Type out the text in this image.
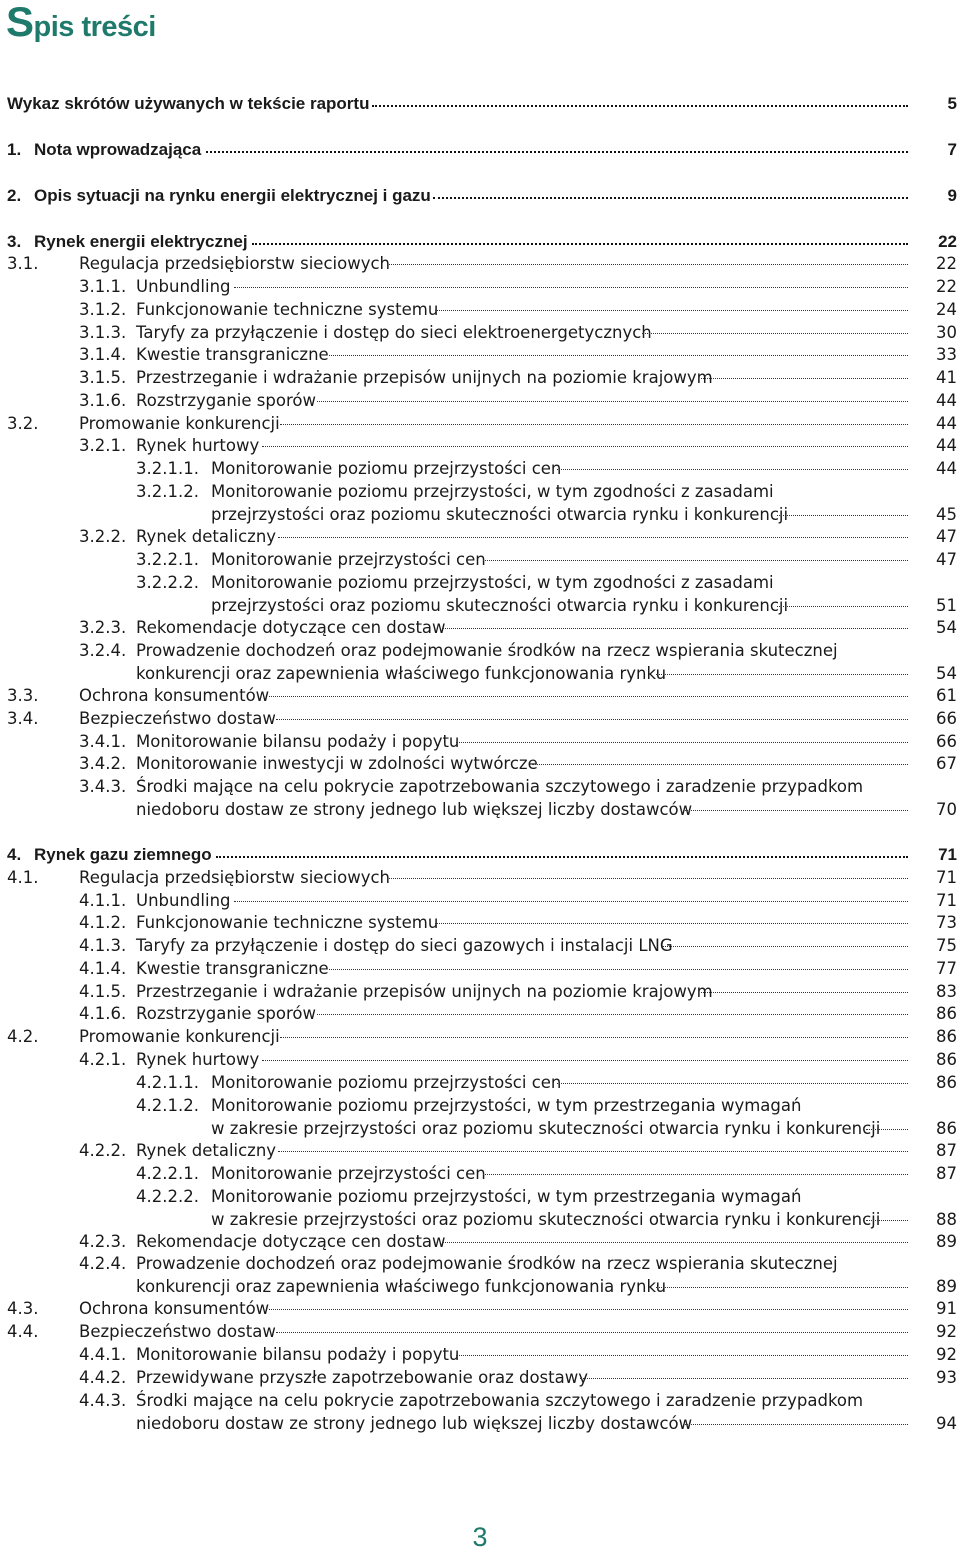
Spis treści
Wykaz skrótów używanych w tekście raportu	5
1. Nota wprowadzająca	7
2. Opis sytuacji na rynku energii elektrycznej i gazu	9
3. Rynek energii elektrycznej	22
3.1. Regulacja przedsiębiorstw sieciowych	22
3.1.1. Unbundling	22
3.1.2. Funkcjonowanie techniczne systemu	24
3.1.3. Taryfy za przyłączenie i dostęp do sieci elektroenergetycznych	30
3.1.4. Kwestie transgraniczne	33
3.1.5. Przestrzeganie i wdrażanie przepisów unijnych na poziomie krajowym	41
3.1.6. Rozstrzyganie sporów	44
3.2. Promowanie konkurencji	44
3.2.1. Rynek hurtowy	44
3.2.1.1. Monitorowanie poziomu przejrzystości cen	44
3.2.1.2. Monitorowanie poziomu przejrzystości, w tym zgodności z zasadami
przejrzystości oraz poziomu skuteczności otwarcia rynku i konkurencji	45
3.2.2. Rynek detaliczny	47
3.2.2.1. Monitorowanie przejrzystości cen	47
3.2.2.2. Monitorowanie poziomu przejrzystości, w tym zgodności z zasadami
przejrzystości oraz poziomu skuteczności otwarcia rynku i konkurencji	51
3.2.3. Rekomendacje dotyczące cen dostaw	54
3.2.4. Prowadzenie dochodzeń oraz podejmowanie środków na rzecz wspierania skutecznej
konkurencji oraz zapewnienia właściwego funkcjonowania rynku	54
3.3. Ochrona konsumentów	61
3.4. Bezpieczeństwo dostaw	66
3.4.1. Monitorowanie bilansu podaży i popytu	66
3.4.2. Monitorowanie inwestycji w zdolności wytwórcze	67
3.4.3. Środki mające na celu pokrycie zapotrzebowania szczytowego i zaradzenie przypadkom
niedoboru dostaw ze strony jednego lub większej liczby dostawców	70
4. Rynek gazu ziemnego	71
4.1. Regulacja przedsiębiorstw sieciowych	71
4.1.1. Unbundling	71
4.1.2. Funkcjonowanie techniczne systemu	73
4.1.3. Taryfy za przyłączenie i dostęp do sieci gazowych i instalacji LNG	75
4.1.4. Kwestie transgraniczne	77
4.1.5. Przestrzeganie i wdrażanie przepisów unijnych na poziomie krajowym	83
4.1.6. Rozstrzyganie sporów	86
4.2. Promowanie konkurencji	86
4.2.1. Rynek hurtowy	86
4.2.1.1. Monitorowanie poziomu przejrzystości cen	86
4.2.1.2. Monitorowanie poziomu przejrzystości, w tym przestrzegania wymagań
w zakresie przejrzystości oraz poziomu skuteczności otwarcia rynku i konkurencji	86
4.2.2. Rynek detaliczny	87
4.2.2.1. Monitorowanie przejrzystości cen	87
4.2.2.2. Monitorowanie poziomu przejrzystości, w tym przestrzegania wymagań
w zakresie przejrzystości oraz poziomu skuteczności otwarcia rynku i konkurencji	88
4.2.3. Rekomendacje dotyczące cen dostaw	89
4.2.4. Prowadzenie dochodzeń oraz podejmowanie środków na rzecz wspierania skutecznej
konkurencji oraz zapewnienia właściwego funkcjonowania rynku	89
4.3. Ochrona konsumentów	91
4.4. Bezpieczeństwo dostaw	92
4.4.1. Monitorowanie bilansu podaży i popytu	92
4.4.2. Przewidywane przyszłe zapotrzebowanie oraz dostawy	93
4.4.3. Środki mające na celu pokrycie zapotrzebowania szczytowego i zaradzenie przypadkom
niedoboru dostaw ze strony jednego lub większej liczby dostawców	94
3
